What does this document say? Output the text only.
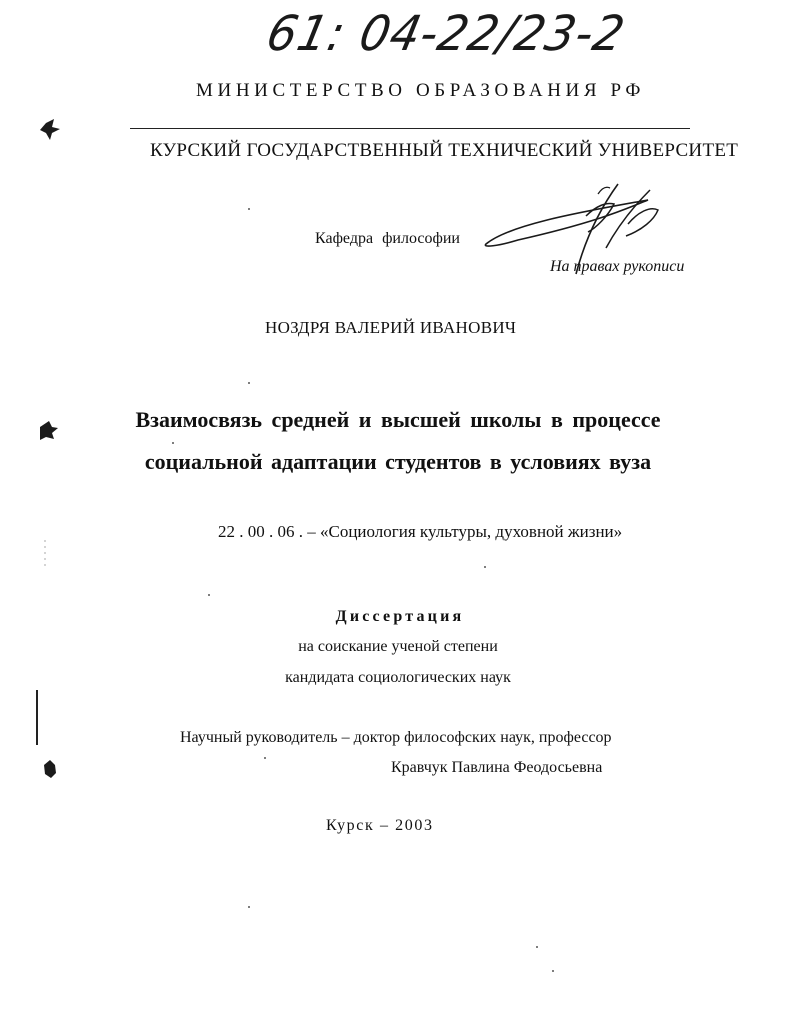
61: 04-22/23-2
МИНИСТЕРСТВО ОБРАЗОВАНИЯ РФ
КУРСКИЙ ГОСУДАРСТВЕННЫЙ ТЕХНИЧЕСКИЙ УНИВЕРСИТЕТ
Кафедра философии
На правах рукописи
НОЗДРЯ ВАЛЕРИЙ ИВАНОВИЧ
Взаимосвязь средней и высшей школы в процессе
социальной адаптации студентов в условиях вуза
22 . 00 . 06 . – «Социология культуры, духовной жизни»
Диссертация
на соискание ученой степени
кандидата социологических наук
Научный руководитель – доктор философских наук, профессор
Кравчук Павлина Феодосьевна
Курск – 2003
